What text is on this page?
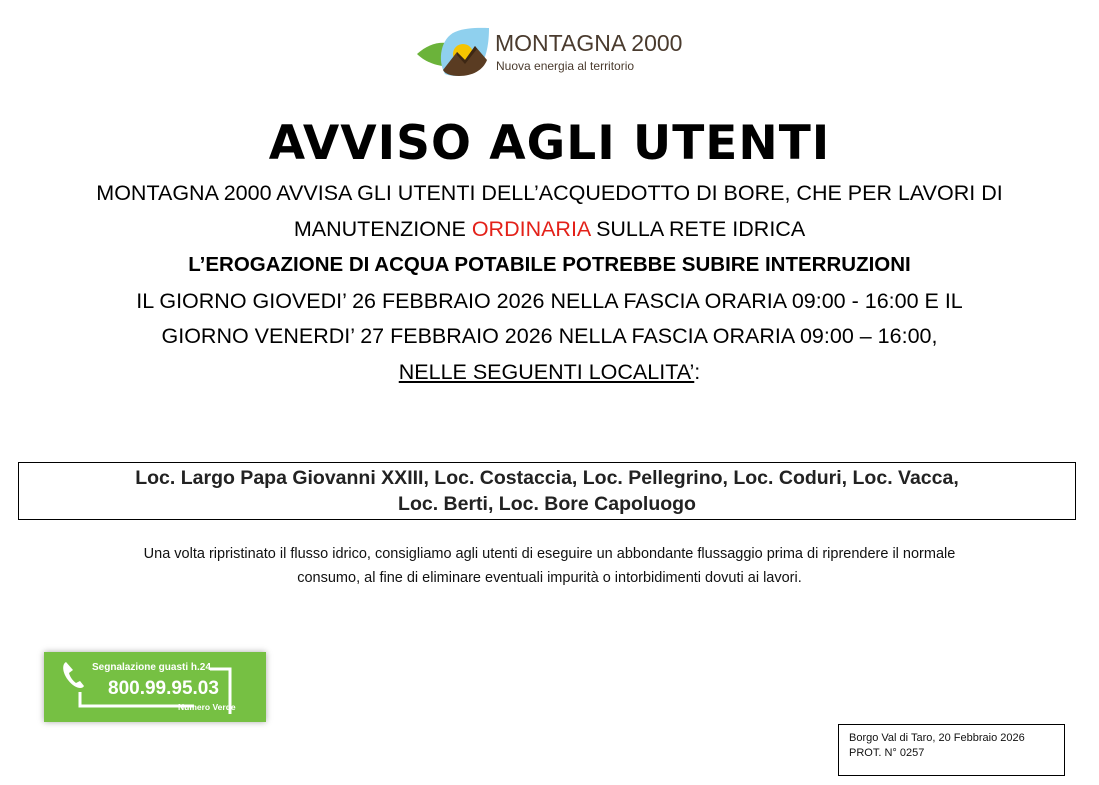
MONTAGNA 2000
Nuova energia al territorio
AVVISO AGLI UTENTI
MONTAGNA 2000 AVVISA GLI UTENTI DELL’ACQUEDOTTO DI BORE, CHE PER LAVORI DI
MANUTENZIONE ORDINARIA SULLA RETE IDRICA
L’EROGAZIONE DI ACQUA POTABILE POTREBBE SUBIRE INTERRUZIONI
IL GIORNO GIOVEDI’ 26 FEBBRAIO 2026 NELLA FASCIA ORARIA 09:00 - 16:00 E IL
GIORNO VENERDI’ 27 FEBBRAIO 2026 NELLA FASCIA ORARIA 09:00 – 16:00,
NELLE SEGUENTI LOCALITA’:
Loc. Largo Papa Giovanni XXIII, Loc. Costaccia, Loc. Pellegrino, Loc. Coduri, Loc. Vacca,
Loc. Berti, Loc. Bore Capoluogo
Una volta ripristinato il flusso idrico, consigliamo agli utenti di eseguire un abbondante flussaggio prima di riprendere il normale
consumo, al fine di eliminare eventuali impurità o intorbidimenti dovuti ai lavori.
Segnalazione guasti h.24
800.99.95.03
Numero Verde
Borgo Val di Taro, 20 Febbraio 2026
PROT. N° 0257
